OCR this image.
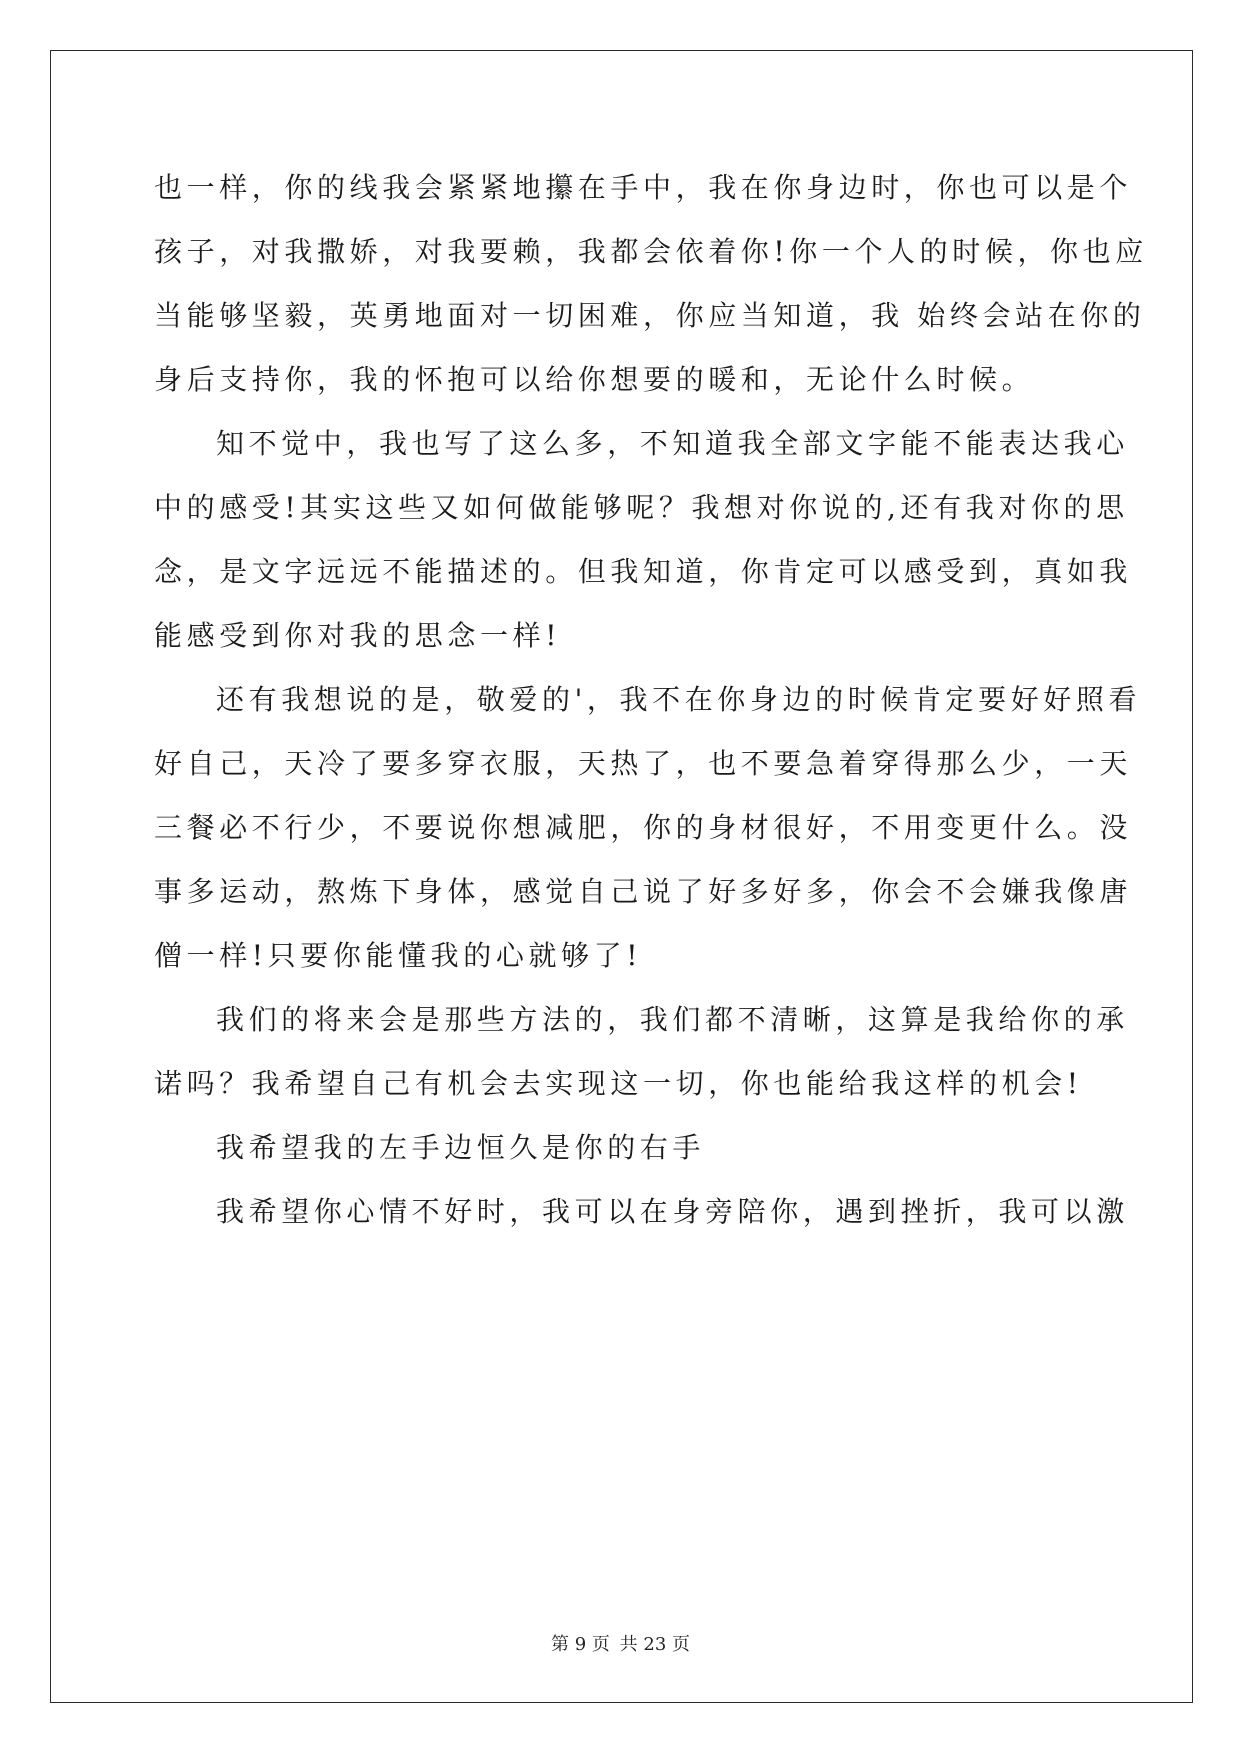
也一样，你的线我会紧紧地攥在手中，我在你身边时，你也可以是个
孩子，对我撒娇，对我要赖，我都会依着你!你一个人的时候，你也应
当能够坚毅，英勇地面对一切困难，你应当知道，我 始终会站在你的
身后支持你，我的怀抱可以给你想要的暖和，无论什么时候。
知不觉中，我也写了这么多，不知道我全部文字能不能表达我心
中的感受!其实这些又如何做能够呢？我想对你说的,还有我对你的思
念，是文字远远不能描述的。但我知道，你肯定可以感受到，真如我
能感受到你对我的思念一样!
还有我想说的是，敬爱的'，我不在你身边的时候肯定要好好照看
好自己，天冷了要多穿衣服，天热了，也不要急着穿得那么少，一天
三餐必不行少，不要说你想减肥，你的身材很好，不用变更什么。没
事多运动，熬炼下身体，感觉自己说了好多好多，你会不会嫌我像唐
僧一样!只要你能懂我的心就够了!
我们的将来会是那些方法的，我们都不清晰，这算是我给你的承
诺吗？我希望自己有机会去实现这一切，你也能给我这样的机会!
我希望我的左手边恒久是你的右手
我希望你心情不好时，我可以在身旁陪你，遇到挫折，我可以激
第 9 页 共 23 页
